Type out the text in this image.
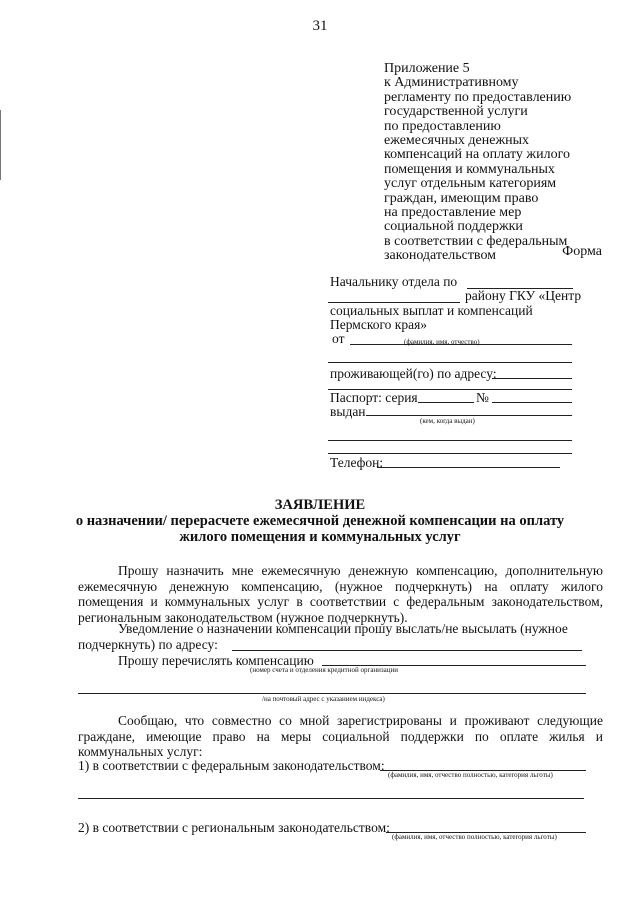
31
Приложение 5
к Административному
регламенту по предоставлению
государственной услуги
по предоставлению
ежемесячных денежных
компенсаций на оплату жилого
помещения и коммунальных
услуг отдельным категориям
граждан, имеющим право
на предоставление мер
социальной поддержки
в соответствии с федеральным
законодательством	Форма
Начальнику отдела по
району ГКУ «Центр
социальных выплат и компенсаций
Пермского края»
от	(фамилия, имя, отчество)
проживающей(го) по адресу:
Паспорт: серия	№
выдан
(кем, когда выдан)
Телефон:
ЗАЯВЛЕНИЕ
о назначении/ перерасчете ежемесячной денежной компенсации на оплату
жилого помещения и коммунальных услуг
Прошу назначить мне ежемесячную денежную компенсацию, дополнительную ежемесячную денежную компенсацию, (нужное подчеркнуть) на оплату жилого помещения и коммунальных услуг в соответствии с федеральным законодательством, региональным законодательством (нужное подчеркнуть).
Уведомление о назначении компенсации прошу выслать/не высылать (нужное
подчеркнуть) по адресу:
Прошу перечислять компенсацию
(номер счета и отделения кредитной организации
/на почтовый адрес с указанием индекса)
Сообщаю, что совместно со мной зарегистрированы и проживают следующие граждане, имеющие право на меры социальной поддержки по оплате жилья и коммунальных услуг:
1) в соответствии с федеральным законодательством:
(фамилия, имя, отчество полностью, категория льготы)
2) в соответствии с региональным законодательством:
(фамилия, имя, отчество полностью, категория льготы)
